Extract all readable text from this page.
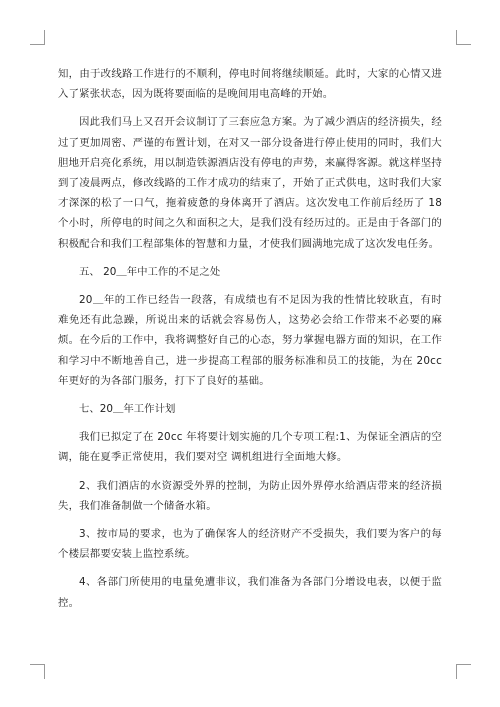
知，由于改线路工作进行的不顺利，停电时间将继续顺延。此时，大家的心情又进入了紧张状态，因为既将要面临的是晚间用电高峰的开始。

因此我们马上又召开会议制订了三套应急方案。为了减少酒店的经济损失，经过了更加周密、严谨的布置计划，在对又一部分设备进行停止使用的同时，我们大胆地开启亮化系统，用以制造铁源酒店没有停电的声势，来赢得客源。就这样坚持到了凌晨两点，修改线路的工作才成功的结束了，开始了正式供电，这时我们大家才深深的松了一口气，拖着疲惫的身体离开了酒店。这次发电工作前后经历了 18 个小时，所停电的时间之久和面积之大，是我们没有经历过的。正是由于各部门的积极配合和我们工程部集体的智慧和力量，才使我们圆满地完成了这次发电任务。

五、 20＿年中工作的不足之处

20＿年的工作已经告一段落，有成绩也有不足因为我的性情比较耿直，有时难免还有此急躁，所说出来的话就会容易伤人，这势必会给工作带来不必要的麻烦。在今后的工作中，我将调整好自己的心态，努力掌握电器方面的知识，在工作和学习中不断地善自己，进一步提高工程部的服务标准和员工的技能，为在 20cc 年更好的为各部门服务，打下了良好的基础。

七、20＿年工作计划

我们已拟定了在 20cc 年将要计划实施的几个专项工程:1、为保证全酒店的空调，能在夏季正常使用，我们要对空 调机组进行全面地大修。

2、我们酒店的水资源受外界的控制，为防止因外界停水给酒店带来的经济损失，我们准备制做一个储备水箱。

3、按市局的要求，也为了确保客人的经济财产不受损失，我们要为客户的每个楼层都要安装上监控系统。

4、各部门所使用的电量免遭非议，我们准备为各部门分增设电表，以便于监控。
